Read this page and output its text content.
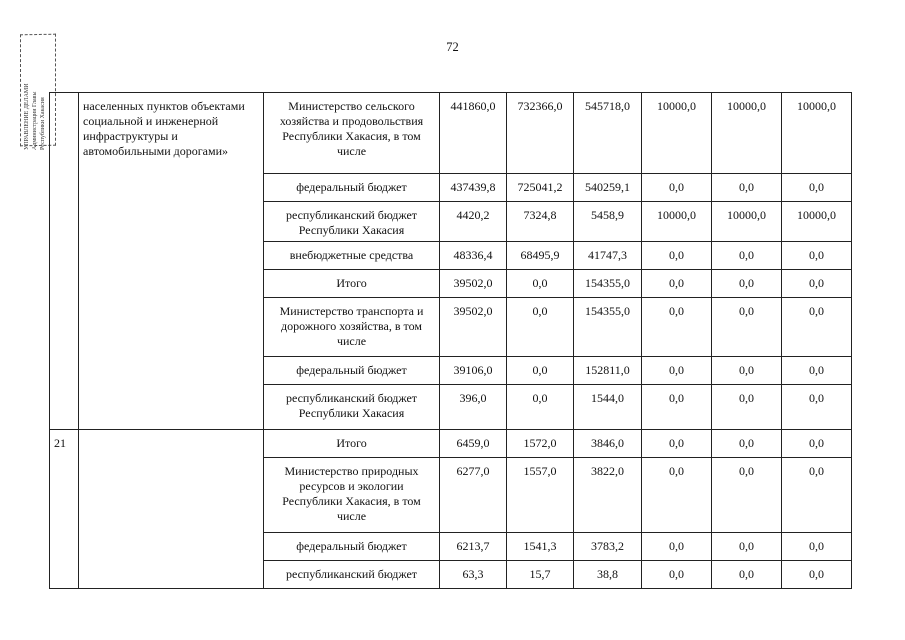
72
УПРАВЛЕНИЕ ДЕЛАМИ Администрации Главы Республики Хакасия
		населенных пунктов объектами социальной и инженерной инфраструктуры и автомобильными дорогами»	Министерство сельского хозяйства и продовольствия Республики Хакасия, в том числе	441860,0	732366,0	545718,0	10000,0	10000,0	10000,0
		федеральный бюджет	437439,8	725041,2	540259,1	0,0	0,0	0,0
		республиканский бюджет Республики Хакасия	4420,2	7324,8	5458,9	10000,0	10000,0	10000,0
		внебюджетные средства	48336,4	68495,9	41747,3	0,0	0,0	0,0
		Итого	39502,0	0,0	154355,0	0,0	0,0	0,0
		Министерство транспорта и дорожного хозяйства, в том числе	39502,0	0,0	154355,0	0,0	0,0	0,0
		федеральный бюджет	39106,0	0,0	152811,0	0,0	0,0	0,0
		республиканский бюджет Республики Хакасия	396,0	0,0	1544,0	0,0	0,0	0,0
21		Итого	6459,0	1572,0	3846,0	0,0	0,0	0,0
		Министерство природных ресурсов и экологии Республики Хакасия, в том числе	6277,0	1557,0	3822,0	0,0	0,0	0,0
		федеральный бюджет	6213,7	1541,3	3783,2	0,0	0,0	0,0
		республиканский бюджет	63,3	15,7	38,8	0,0	0,0	0,0
